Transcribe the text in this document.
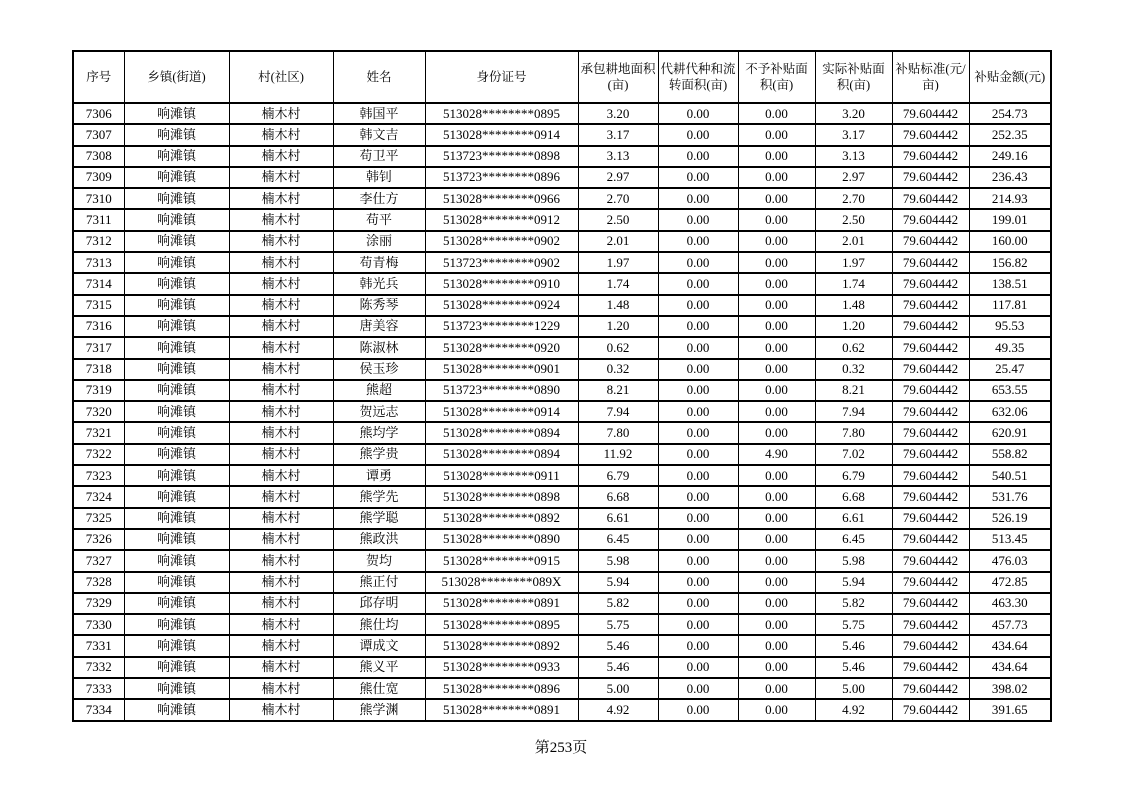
序号	乡镇(街道)	村(社区)	姓名	身份证号	承包耕地面积(亩)	代耕代种和流转面积(亩)	不予补贴面积(亩)	实际补贴面积(亩)	补贴标准(元/亩)	补贴金额(元)
7306	响滩镇	楠木村	韩国平	513028********0895	3.20	0.00	0.00	3.20	79.604442	254.73
7307	响滩镇	楠木村	韩文吉	513028********0914	3.17	0.00	0.00	3.17	79.604442	252.35
7308	响滩镇	楠木村	苟卫平	513723********0898	3.13	0.00	0.00	3.13	79.604442	249.16
7309	响滩镇	楠木村	韩钊	513723********0896	2.97	0.00	0.00	2.97	79.604442	236.43
7310	响滩镇	楠木村	李仕方	513028********0966	2.70	0.00	0.00	2.70	79.604442	214.93
7311	响滩镇	楠木村	苟平	513028********0912	2.50	0.00	0.00	2.50	79.604442	199.01
7312	响滩镇	楠木村	涂丽	513028********0902	2.01	0.00	0.00	2.01	79.604442	160.00
7313	响滩镇	楠木村	苟青梅	513723********0902	1.97	0.00	0.00	1.97	79.604442	156.82
7314	响滩镇	楠木村	韩光兵	513028********0910	1.74	0.00	0.00	1.74	79.604442	138.51
7315	响滩镇	楠木村	陈秀琴	513028********0924	1.48	0.00	0.00	1.48	79.604442	117.81
7316	响滩镇	楠木村	唐美容	513723********1229	1.20	0.00	0.00	1.20	79.604442	95.53
7317	响滩镇	楠木村	陈淑林	513028********0920	0.62	0.00	0.00	0.62	79.604442	49.35
7318	响滩镇	楠木村	侯玉珍	513028********0901	0.32	0.00	0.00	0.32	79.604442	25.47
7319	响滩镇	楠木村	熊超	513723********0890	8.21	0.00	0.00	8.21	79.604442	653.55
7320	响滩镇	楠木村	贺远志	513028********0914	7.94	0.00	0.00	7.94	79.604442	632.06
7321	响滩镇	楠木村	熊均学	513028********0894	7.80	0.00	0.00	7.80	79.604442	620.91
7322	响滩镇	楠木村	熊学贵	513028********0894	11.92	0.00	4.90	7.02	79.604442	558.82
7323	响滩镇	楠木村	谭勇	513028********0911	6.79	0.00	0.00	6.79	79.604442	540.51
7324	响滩镇	楠木村	熊学先	513028********0898	6.68	0.00	0.00	6.68	79.604442	531.76
7325	响滩镇	楠木村	熊学聪	513028********0892	6.61	0.00	0.00	6.61	79.604442	526.19
7326	响滩镇	楠木村	熊政洪	513028********0890	6.45	0.00	0.00	6.45	79.604442	513.45
7327	响滩镇	楠木村	贺均	513028********0915	5.98	0.00	0.00	5.98	79.604442	476.03
7328	响滩镇	楠木村	熊正付	513028********089X	5.94	0.00	0.00	5.94	79.604442	472.85
7329	响滩镇	楠木村	邱存明	513028********0891	5.82	0.00	0.00	5.82	79.604442	463.30
7330	响滩镇	楠木村	熊仕均	513028********0895	5.75	0.00	0.00	5.75	79.604442	457.73
7331	响滩镇	楠木村	谭成文	513028********0892	5.46	0.00	0.00	5.46	79.604442	434.64
7332	响滩镇	楠木村	熊义平	513028********0933	5.46	0.00	0.00	5.46	79.604442	434.64
7333	响滩镇	楠木村	熊仕宽	513028********0896	5.00	0.00	0.00	5.00	79.604442	398.02
7334	响滩镇	楠木村	熊学渊	513028********0891	4.92	0.00	0.00	4.92	79.604442	391.65
第253页
